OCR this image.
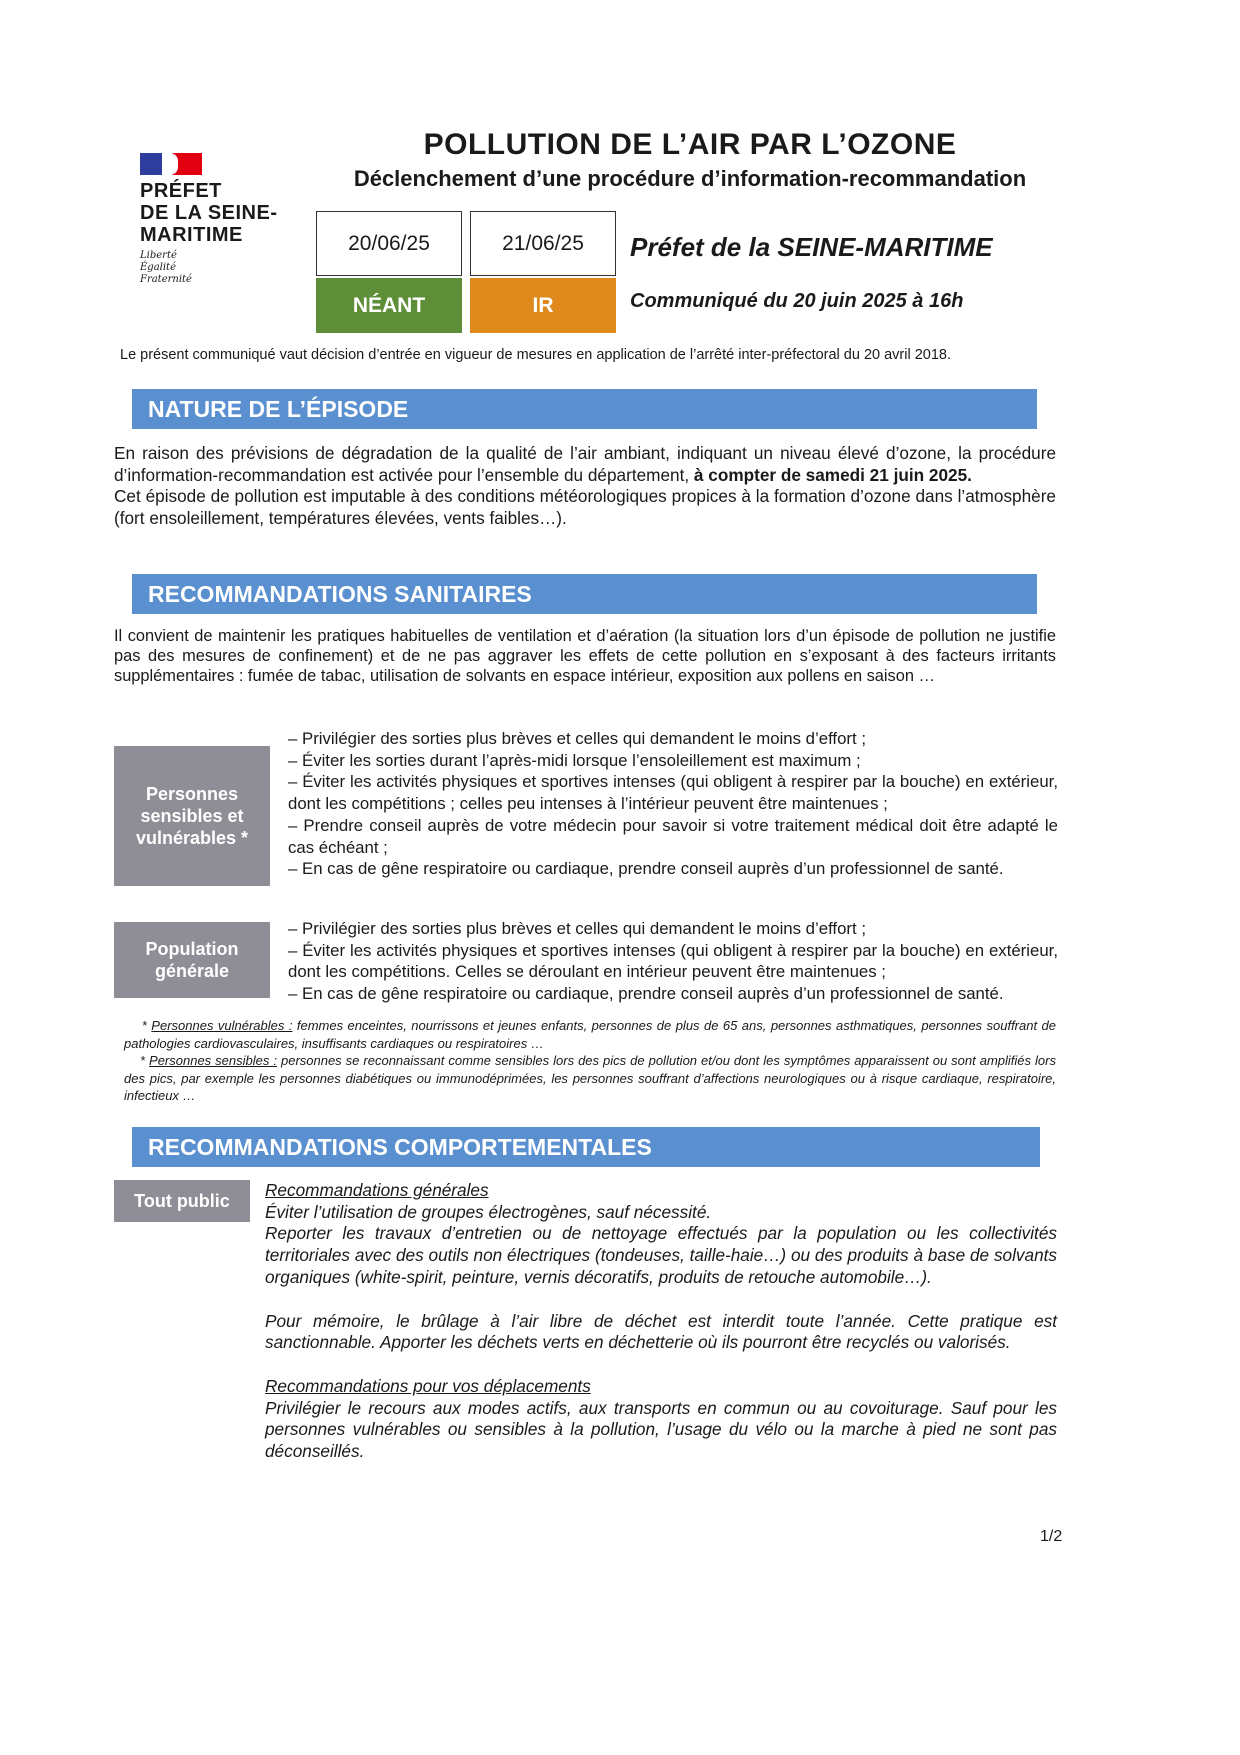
PRÉFET
DE LA SEINE-
MARITIME
Liberté
Égalité
Fraternité
POLLUTION DE L’AIR PAR L’OZONE
Déclenchement d’une procédure d’information-recommandation
20/06/25
NÉANT
21/06/25
IR
Préfet de la SEINE-MARITIME
Communiqué du 20 juin 2025 à 16h
Le présent communiqué vaut décision d’entrée en vigueur de mesures en application de l’arrêté inter-préfectoral du 20 avril 2018.
NATURE DE L’ÉPISODE

En raison des prévisions de dégradation de la qualité de l’air ambiant, indiquant un niveau élevé d’ozone, la procédure d’information-recommandation est activée pour l’ensemble du département, à compter de samedi 21 juin 2025.

Cet épisode de pollution est imputable à des conditions météorologiques propices à la formation d’ozone dans l’atmosphère (fort ensoleillement, températures élevées, vents faibles…).

RECOMMANDATIONS SANITAIRES
Il convient de maintenir les pratiques habituelles de ventilation et d’aération (la situation lors d’un épisode de pollution ne justifie pas des mesures de confinement) et de ne pas aggraver les effets de cette pollution en s’exposant à des facteurs irritants supplémentaires : fumée de tabac, utilisation de solvants en espace intérieur, exposition aux pollens en saison …
Personnes sensibles et vulnérables *
– Privilégier des sorties plus brèves et celles qui demandent le moins d’effort ;
– Éviter les sorties durant l’après-midi lorsque l’ensoleillement est maximum ;
– Éviter les activités physiques et sportives intenses (qui obligent à respirer par la bouche) en extérieur, dont les compétitions ; celles peu intenses à l’intérieur peuvent être maintenues ;
– Prendre conseil auprès de votre médecin pour savoir si votre traitement médical doit être adapté le cas échéant ;
– En cas de gêne respiratoire ou cardiaque, prendre conseil auprès d’un professionnel de santé.
Population générale
– Privilégier des sorties plus brèves et celles qui demandent le moins d’effort ;
– Éviter les activités physiques et sportives intenses (qui obligent à respirer par la bouche) en extérieur, dont les compétitions. Celles se déroulant en intérieur peuvent être maintenues ;
– En cas de gêne respiratoire ou cardiaque, prendre conseil auprès d’un professionnel de santé.
* Personnes vulnérables : femmes enceintes, nourrissons et jeunes enfants, personnes de plus de 65 ans, personnes asthmatiques, personnes souffrant de pathologies cardiovasculaires, insuffisants cardiaques ou respiratoires …
* Personnes sensibles : personnes se reconnaissant comme sensibles lors des pics de pollution et/ou dont les symptômes apparaissent ou sont amplifiés lors des pics, par exemple les personnes diabétiques ou immunodéprimées, les personnes souffrant d’affections neurologiques ou à risque cardiaque, respiratoire, infectieux …
RECOMMANDATIONS COMPORTEMENTALES
Tout public
Recommandations générales
Éviter l’utilisation de groupes électrogènes, sauf nécessité.
Reporter les travaux d’entretien ou de nettoyage effectués par la population ou les collectivités territoriales avec des outils non électriques (tondeuses, taille-haie…) ou des produits à base de solvants organiques (white-spirit, peinture, vernis décoratifs, produits de retouche automobile…).
Pour mémoire, le brûlage à l’air libre de déchet est interdit toute l’année. Cette pratique est sanctionnable. Apporter les déchets verts en déchetterie où ils pourront être recyclés ou valorisés.
Recommandations pour vos déplacements
Privilégier le recours aux modes actifs, aux transports en commun ou au covoiturage. Sauf pour les personnes vulnérables ou sensibles à la pollution, l’usage du vélo ou la marche à pied ne sont pas déconseillés.
1/2
